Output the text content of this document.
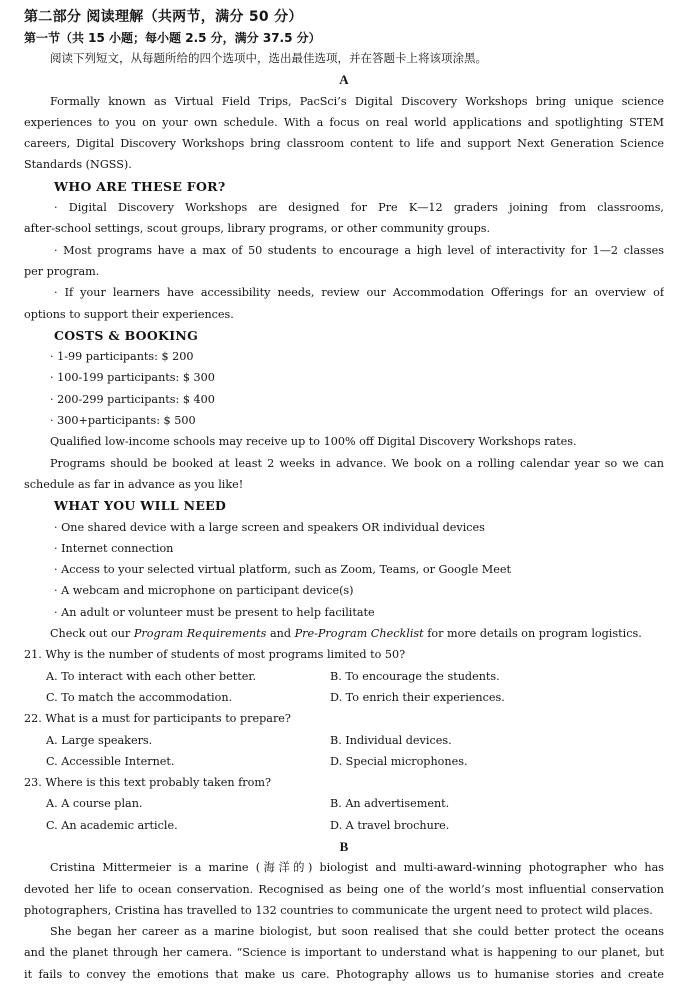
第二部分 阅读理解（共两节，满分 50 分）
第一节（共 15 小题；每小题 2.5 分，满分 37.5 分）
阅读下列短文，从每题所给的四个选项中，选出最佳选项，并在答题卡上将该项涂黑。
A
Formally known as Virtual Field Trips, PacSci’s Digital Discovery Workshops bring unique science
experiences to you on your own schedule. With a focus on real world applications and spotlighting STEM
careers, Digital Discovery Workshops bring classroom content to life and support Next Generation Science
Standards (NGSS).
WHO ARE THESE FOR?
· Digital Discovery Workshops are designed for Pre K—12 graders joining from classrooms,
after-school settings, scout groups, library programs, or other community groups.
· Most programs have a max of 50 students to encourage a high level of interactivity for 1—2 classes
per program.
· If your learners have accessibility needs, review our Accommodation Offerings for an overview of
options to support their experiences.
COSTS & BOOKING
· 1-99 participants: $ 200
· 100-199 participants: $ 300
· 200-299 participants: $ 400
· 300+participants: $ 500
Qualified low-income schools may receive up to 100% off Digital Discovery Workshops rates.
Programs should be booked at least 2 weeks in advance. We book on a rolling calendar year so we can
schedule as far in advance as you like!
WHAT YOU WILL NEED
· One shared device with a large screen and speakers OR individual devices
· Internet connection
· Access to your selected virtual platform, such as Zoom, Teams, or Google Meet
· A webcam and microphone on participant device(s)
· An adult or volunteer must be present to help facilitate
Check out our Program Requirements and Pre-Program Checklist for more details on program logistics.
21. Why is the number of students of most programs limited to 50?
A. To interact with each other better.	B. To encourage the students.
C. To match the accommodation.	D. To enrich their experiences.
22. What is a must for participants to prepare?
A. Large speakers.	B. Individual devices.
C. Accessible Internet.	D. Special microphones.
23. Where is this text probably taken from?
A. A course plan.	B. An advertisement.
C. An academic article.	D. A travel brochure.
B
Cristina Mittermeier is a marine (海洋的) biologist and multi-award-winning photographer who has
devoted her life to ocean conservation. Recognised as being one of the world’s most influential conservation
photographers, Cristina has travelled to 132 countries to communicate the urgent need to protect wild places.
She began her career as a marine biologist, but soon realised that she could better protect the oceans
and the planet through her camera. “Science is important to understand what is happening to our planet, but
it fails to convey the emotions that make us care. Photography allows us to humanise stories and create
